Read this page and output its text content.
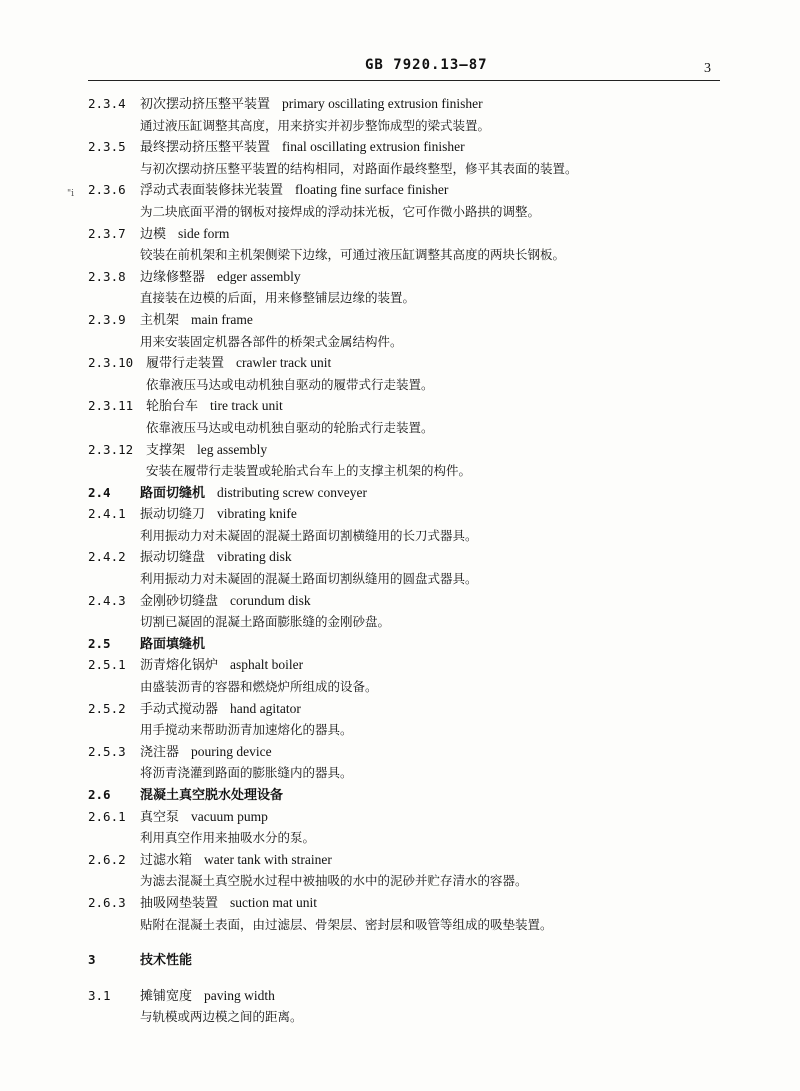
GB 7920.13—87	3
"i
2.3.4 初次摆动挤压整平装置 primary oscillating extrusion finisher
通过液压缸调整其高度，用来挤实并初步整饰成型的梁式装置。
2.3.5 最终摆动挤压整平装置 final oscillating extrusion finisher
与初次摆动挤压整平装置的结构相同，对路面作最终整型，修平其表面的装置。
2.3.6 浮动式表面装修抹光装置 floating fine surface finisher
为二块底面平滑的钢板对接焊成的浮动抹光板，它可作微小路拱的调整。
2.3.7 边模 side form
铰装在前机架和主机架侧梁下边缘，可通过液压缸调整其高度的两块长钢板。
2.3.8 边缘修整器 edger assembly
直接装在边模的后面，用来修整铺层边缘的装置。
2.3.9 主机架 main frame
用来安装固定机器各部件的桥架式金属结构件。
2.3.10 履带行走装置 crawler track unit
依靠液压马达或电动机独自驱动的履带式行走装置。
2.3.11 轮胎台车 tire track unit
依靠液压马达或电动机独自驱动的轮胎式行走装置。
2.3.12 支撑架 leg assembly
安装在履带行走装置或轮胎式台车上的支撑主机架的构件。
2.4 路面切缝机 distributing screw conveyer
2.4.1 振动切缝刀 vibrating knife
利用振动力对未凝固的混凝土路面切割横缝用的长刀式器具。
2.4.2 振动切缝盘 vibrating disk
利用振动力对未凝固的混凝土路面切割纵缝用的圆盘式器具。
2.4.3 金刚砂切缝盘 corundum disk
切割已凝固的混凝土路面膨胀缝的金刚砂盘。
2.5 路面填缝机
2.5.1 沥青熔化锅炉 asphalt boiler
由盛装沥青的容器和燃烧炉所组成的设备。
2.5.2 手动式搅动器 hand agitator
用手搅动来帮助沥青加速熔化的器具。
2.5.3 浇注器 pouring device
将沥青浇灌到路面的膨胀缝内的器具。
2.6 混凝土真空脱水处理设备
2.6.1 真空泵 vacuum pump
利用真空作用来抽吸水分的泵。
2.6.2 过滤水箱 water tank with strainer
为滤去混凝土真空脱水过程中被抽吸的水中的泥砂并贮存清水的容器。
2.6.3 抽吸网垫装置 suction mat unit
贴附在混凝土表面，由过滤层、骨架层、密封层和吸管等组成的吸垫装置。
3	技术性能
3.1 摊铺宽度 paving width
与轨模或两边模之间的距离。
